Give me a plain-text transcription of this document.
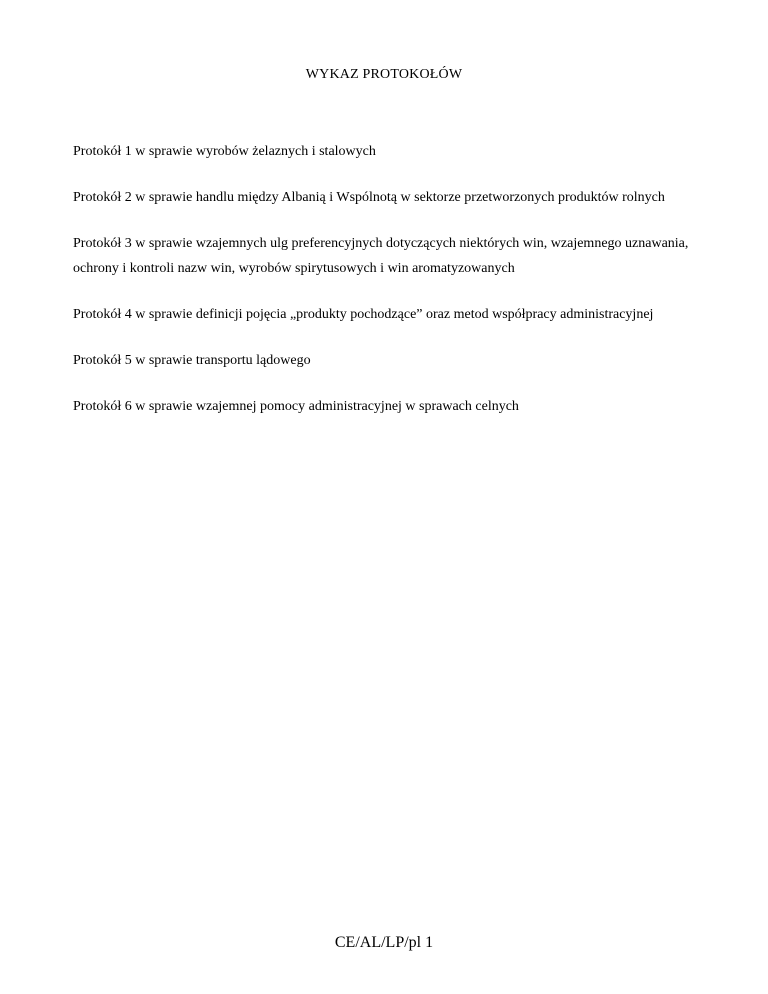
WYKAZ PROTOKOŁÓW
Protokół 1 w sprawie wyrobów żelaznych i stalowych
Protokół 2 w sprawie handlu między Albanią i Wspólnotą w sektorze przetworzonych produktów rolnych
Protokół 3 w sprawie wzajemnych ulg preferencyjnych dotyczących niektórych win, wzajemnego uznawania, ochrony i kontroli nazw win, wyrobów spirytusowych i win aromatyzowanych
Protokół 4 w sprawie definicji pojęcia „produkty pochodzące” oraz metod współpracy administracyjnej
Protokół 5 w sprawie transportu lądowego
Protokół 6 w sprawie wzajemnej pomocy administracyjnej w sprawach celnych
CE/AL/LP/pl 1
